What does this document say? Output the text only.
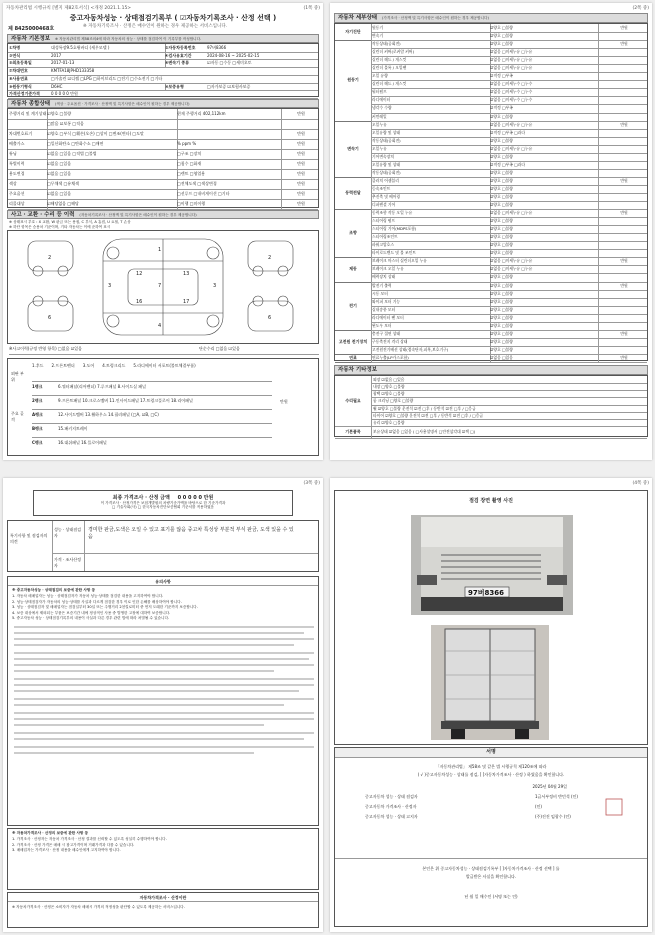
자동차관리법 시행규칙 [별지 제82호서식] <개정 2021.1.15>	(1쪽 중)
중고자동차성능 · 상태점검기록부 ( ☑자동차기록조사 · 산정 선택 )
※ 자동차기록조사 · 산정은 매수인이 원하는 경우 제공하는 서비스입니다.
제 8425000468호
자동차 기본정보 ※ 자동차관리법 제58조의4에 따라 자동차의 성능 · 상태를 점검하여 이 기록부를 작성합니다.
①차명	대성특장9.5호윙바디 (세우모델 )	②자동차등록번호	97버8366
③연식	2017	④검사유효기간	2024-08-16 ~ 2025-02-15
⑤최초등록일	2017-01-13	⑥변속기 종류	☑자동 □수동 □세미오토
⑦차대번호	KMTFA18JPHD133358
⑧사용연료	□가솔린 ☑디젤 □LPG □하이브리드 □전기 □수소전기 □기타
⑨원동기형식	D6HC	⑩보증유형	□자가보증 ☑보험사보증
가격산정기준가격	0 0 0 0 0 만원
자동차 종합상태 (색상 · 주요옵션 · 가격조사 · 산정액 및 특기사항은 매수인이 원하는 경우 제공합니다)
주행거리 및 계기상태 ☑양호 □불량	현재 주행거리 402,112km	만원
□많음 ☑보통 □적음
차대번호표기	☑양호 □부식 □훼손(오손) □상이 □변조(변타) □도말	만원
배출가스	□일산화탄소 □탄화수소 □매연	% ppm %	만원
튜닝	☑없음 □있음 □적법 □불법	□구조 □장치	만원
특별이력	☑없음 □있음	□침수 □화재	만원
용도변경	☑없음 □있음	□렌트 □영업용	만원
색상	□무채색 □유채색	□전체도색 □색상변경	만원
주요옵션	☑없음 □있음	□선루프 □내비게이션 □기타	만원
리콜대상	☑해당없음 □해당	□이행 □미이행	만원
사고 · 교환 · 수리 등 이력 (자동차기록조사 · 산정액 및 특기사항은 매수인이 원하는 경우 제공합니다)
※ 상태표시 부호 : X 교환, W 판금 또는 용접, C 부식, A 흠집, U 요철, T 손상
※ 하단 항목은 승용차 기준이며, 기타 자동차는 이에 준하여 표시
1
7
4
3	3
2	2
6	6
12	13
16	17
※사고이력(규정 반영 항목) □없음 ☑있음	단순수리 □없음 ☑있음
외판 부위
주요 골격
만원
1.후드 2.프론트펜더 3.도어 4.트렁크리드 5.라디에이터 서포트(볼트체결부품)
1랭크	6.쿼터패널(리어펜더) 7.루프패널 8.사이드실 패널
2랭크	9.프론트패널 10.크로스멤버 11.인사이드패널 17.트렁크플로어 18.리어패널
A랭크	12.사이드멤버 13.휠하우스 14.필러패널 (□A, ☑B, □C)
B랭크	15.패키지트레이
C랭크	16.대쉬패널 16.플로어패널
(2쪽 중)
자동차 세부상태 (가격조사 · 산정액 및 특기사항은 매수인이 원하는 경우 제공합니다)
자기진단
원동기	☑양호 □불량	만원
변속기	☑양호 □불량
원동기
작동상태(공회전)	☑양호 □불량	만원
실린더 커버(로커암 커버)	☑없음 □미세누유 □누유
실린더 헤드 / 개스킷	☑없음 □미세누유 □누유
실린더 블록 / 오일팬	☑없음 □미세누유 □누유
오일 유량	☑적정 □부족
실린더 헤드 / 개스킷	☑없음 □미세누수 □누수
워터펌프	☑없음 □미세누수 □누수
라디에이터	☑없음 □미세누수 □누수
냉각수 수량	☑적정 □부족
커먼레일	☑양호 □불량
변속기
오일누유	☑없음 □미세누유 □누유	만원
오일유량 및 상태	☑적정 □부족 □과다
작동상태(공회전)	☑양호 □불량
오일누유	☑없음 □미세누유 □누유
기어변속장치	☑양호 □불량
오일유량 및 상태	☑적정 □부족 □과다
작동상태(공회전)	☑양호 □불량
동력전달
클러치 어셈블리	☑양호 □불량	만원
등속조인트	☑양호 □불량
추진축 및 베어링	☑양호 □불량
디퍼렌셜 기어	☑양호 □불량
조향
동력조향 작동 오일 누유	☑없음 □미세누유 □누유	만원
스티어링 펌프	☑양호 □불량
스티어링 기어(MDPS포함)	☑양호 □불량
스티어링조인트	☑양호 □불량
파워고압호스	☑양호 □불량
타이로드엔드 및 볼 조인트	☑양호 □불량
제동
브레이크 마스터 실린더오일 누유	☑없음 □미세누유 □누유	만원
브레이크 오일 누유	☑없음 □미세누유 □누유
배력장치 상태	☑양호 □불량
전기
발전기 출력	☑양호 □불량	만원
시동 모터	☑양호 □불량
와이퍼 모터 기능	☑양호 □불량
실내송풍 모터	☑양호 □불량
라디에이터 팬 모터	☑양호 □불량
윈도우 모터	☑양호 □불량
고전원 전기장치
충전구 절연 상태	☑양호 □불량	만원
구동축전지 격리 상태	☑양호 □불량
고전원전기배선 상태(접속단자,피복,보호기구)	☑양호 □불량
연료	연료누출(LP가스포함)	☑없음 □있음	만원
자동차 기타정보
수리필요
외장 ☑없음 □있음
내장 □양호 □불량
광택 ☑양호 □불량
룸 크리닝 □양호 □불량
휠 ☑양호 □불량 운전석 ☑전 □후 / 동반석 ☑전 □후 / □응급
타이어 ☑양호 □불량 운전석 ☑전 □후 / 동반석 ☑전 □후 / □응급
유리 ☑양호 □불량
기본품목	보유상태 ☑없음 □있음 ( □사용설명서 □안전삼각대 ☑잭 □)
(3쪽 중)
최종 가격조사 · 산정 금액 0 0 0 0 0 만원
이 가격조사 · 산정가격은 보험개발원의 차량기준가액을 바탕으로 한 기준가격과
□ 기술사회(사) □ 한국자동차진단보증협회 기준서를 적용하였음
특기사항 및 점검자의 의견
성능 · 상태점검자
경미한 판금,도색은 오일 수 있고 표기를 않음 중고차 특성상 부분적 부식 판금, 도색 있을 수 있음
가격 · 조사산정자
유의사항
※ 중고자동차성능 · 상태점검의 보증에 관한 사항 등
1. 자동차 매매업자는 성능 · 상태점검자가 자동차 성능·상태를 점검한 내용을 고지하여야 합니다.
2. 성능·상태점검자가 자동차의 성능·상태를 사실과 다르게 점검한 경우 이로 인한 손해를 배상하여야 합니다.
3. 성능 · 상태점검자 및 매매업자는 점검일부터 30일 또는 주행거리 2천킬로미터 중 먼저 도래한 기준까지 보증합니다.
4. 보증 대상에서 제외되는 부품은 보증기간 내에 정상적인 사용 중 발생한 고장에 대하여 보증합니다.
5. 중고자동차 성능 · 상태점검기록부의 내용이 사실과 다른 경우 관련 법에 따라 처벌될 수 있습니다.
※ 자동차가격조사 · 산정의 보증에 관한 사항 등
1. 가격조사 · 산정자는 자동차 가격조사 · 산정 결과를 신뢰할 수 있도록 성실히 수행하여야 합니다.
2. 가격조사 · 산정 가격은 매매 시 참고가격이며 거래가격과 다를 수 있습니다.
3. 매매업자는 가격조사 · 산정 내용을 매수인에게 고지하여야 합니다.
자동차가격조사 · 산정이란
※ 자동차가격조사 · 산정은 소비자가 자동차 매매시 가격의 적정성을 판단할 수 있도록 제공하는 서비스입니다.
(4쪽 중)
점검 장면 촬영 사진
97버8366
서명
「자동차관리법」 제58조 및 같은 법 시행규칙 제120조에 따라
( √ )중고자동차성능 · 상태를 점검, [ ]자동차가격조사 · 산정 ) 하였음을 확인합니다.
2025년 04월 29일
중고자동차 성능 · 상태 점검자	1급서부정비 반민석 (인)
중고자동차 가격조사 · 산정자	(인)
중고자동차 성능 · 상태 고지자	(주)진진 임광수 (인)
본인은 위 중고자동차성능 · 상태점검기록부 [ ]자동차가격조사 · 산정 선택 ] 를
발급받은 사실을 확인합니다.
년 월 일 매수인 (서명 또는 인)
